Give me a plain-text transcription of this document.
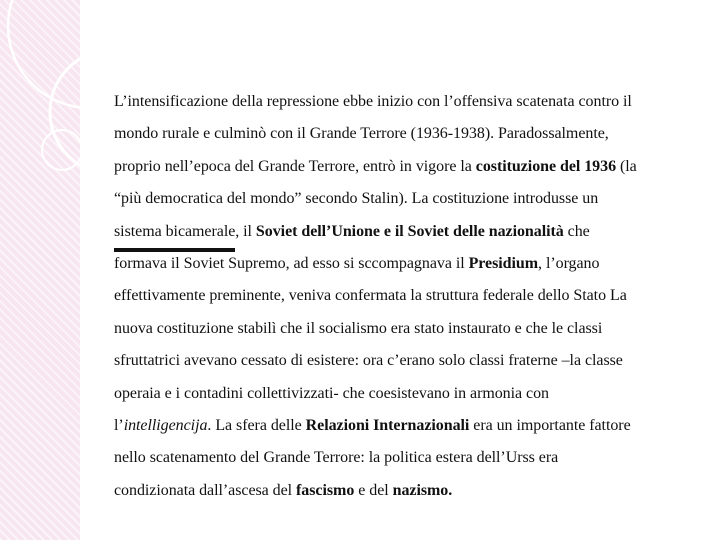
L’intensificazione della repressione ebbe inizio con l’offensiva scatenata contro il
mondo rurale e culminò con il Grande Terrore (1936-1938). Paradossalmente,
proprio nell’epoca del Grande Terrore, entrò in vigore la costituzione del 1936 (la
“più democratica del mondo” secondo Stalin). La costituzione introdusse un
sistema bicamerale, il Soviet dell’Unione e il Soviet delle nazionalità che
formava il Soviet Supremo, ad esso si sccompagnava il Presidium, l’organo
effettivamente preminente, veniva confermata la struttura federale dello Stato La
nuova costituzione stabilì che il socialismo era stato instaurato e che le classi
sfruttatrici avevano cessato di esistere: ora c’erano solo classi fraterne –la classe
operaia e i contadini collettivizzati- che coesistevano in armonia con
l’intelligencija. La sfera delle Relazioni Internazionali era un importante fattore
nello scatenamento del Grande Terrore: la politica estera dell’Urss era
condizionata dall’ascesa del fascismo e del nazismo.
